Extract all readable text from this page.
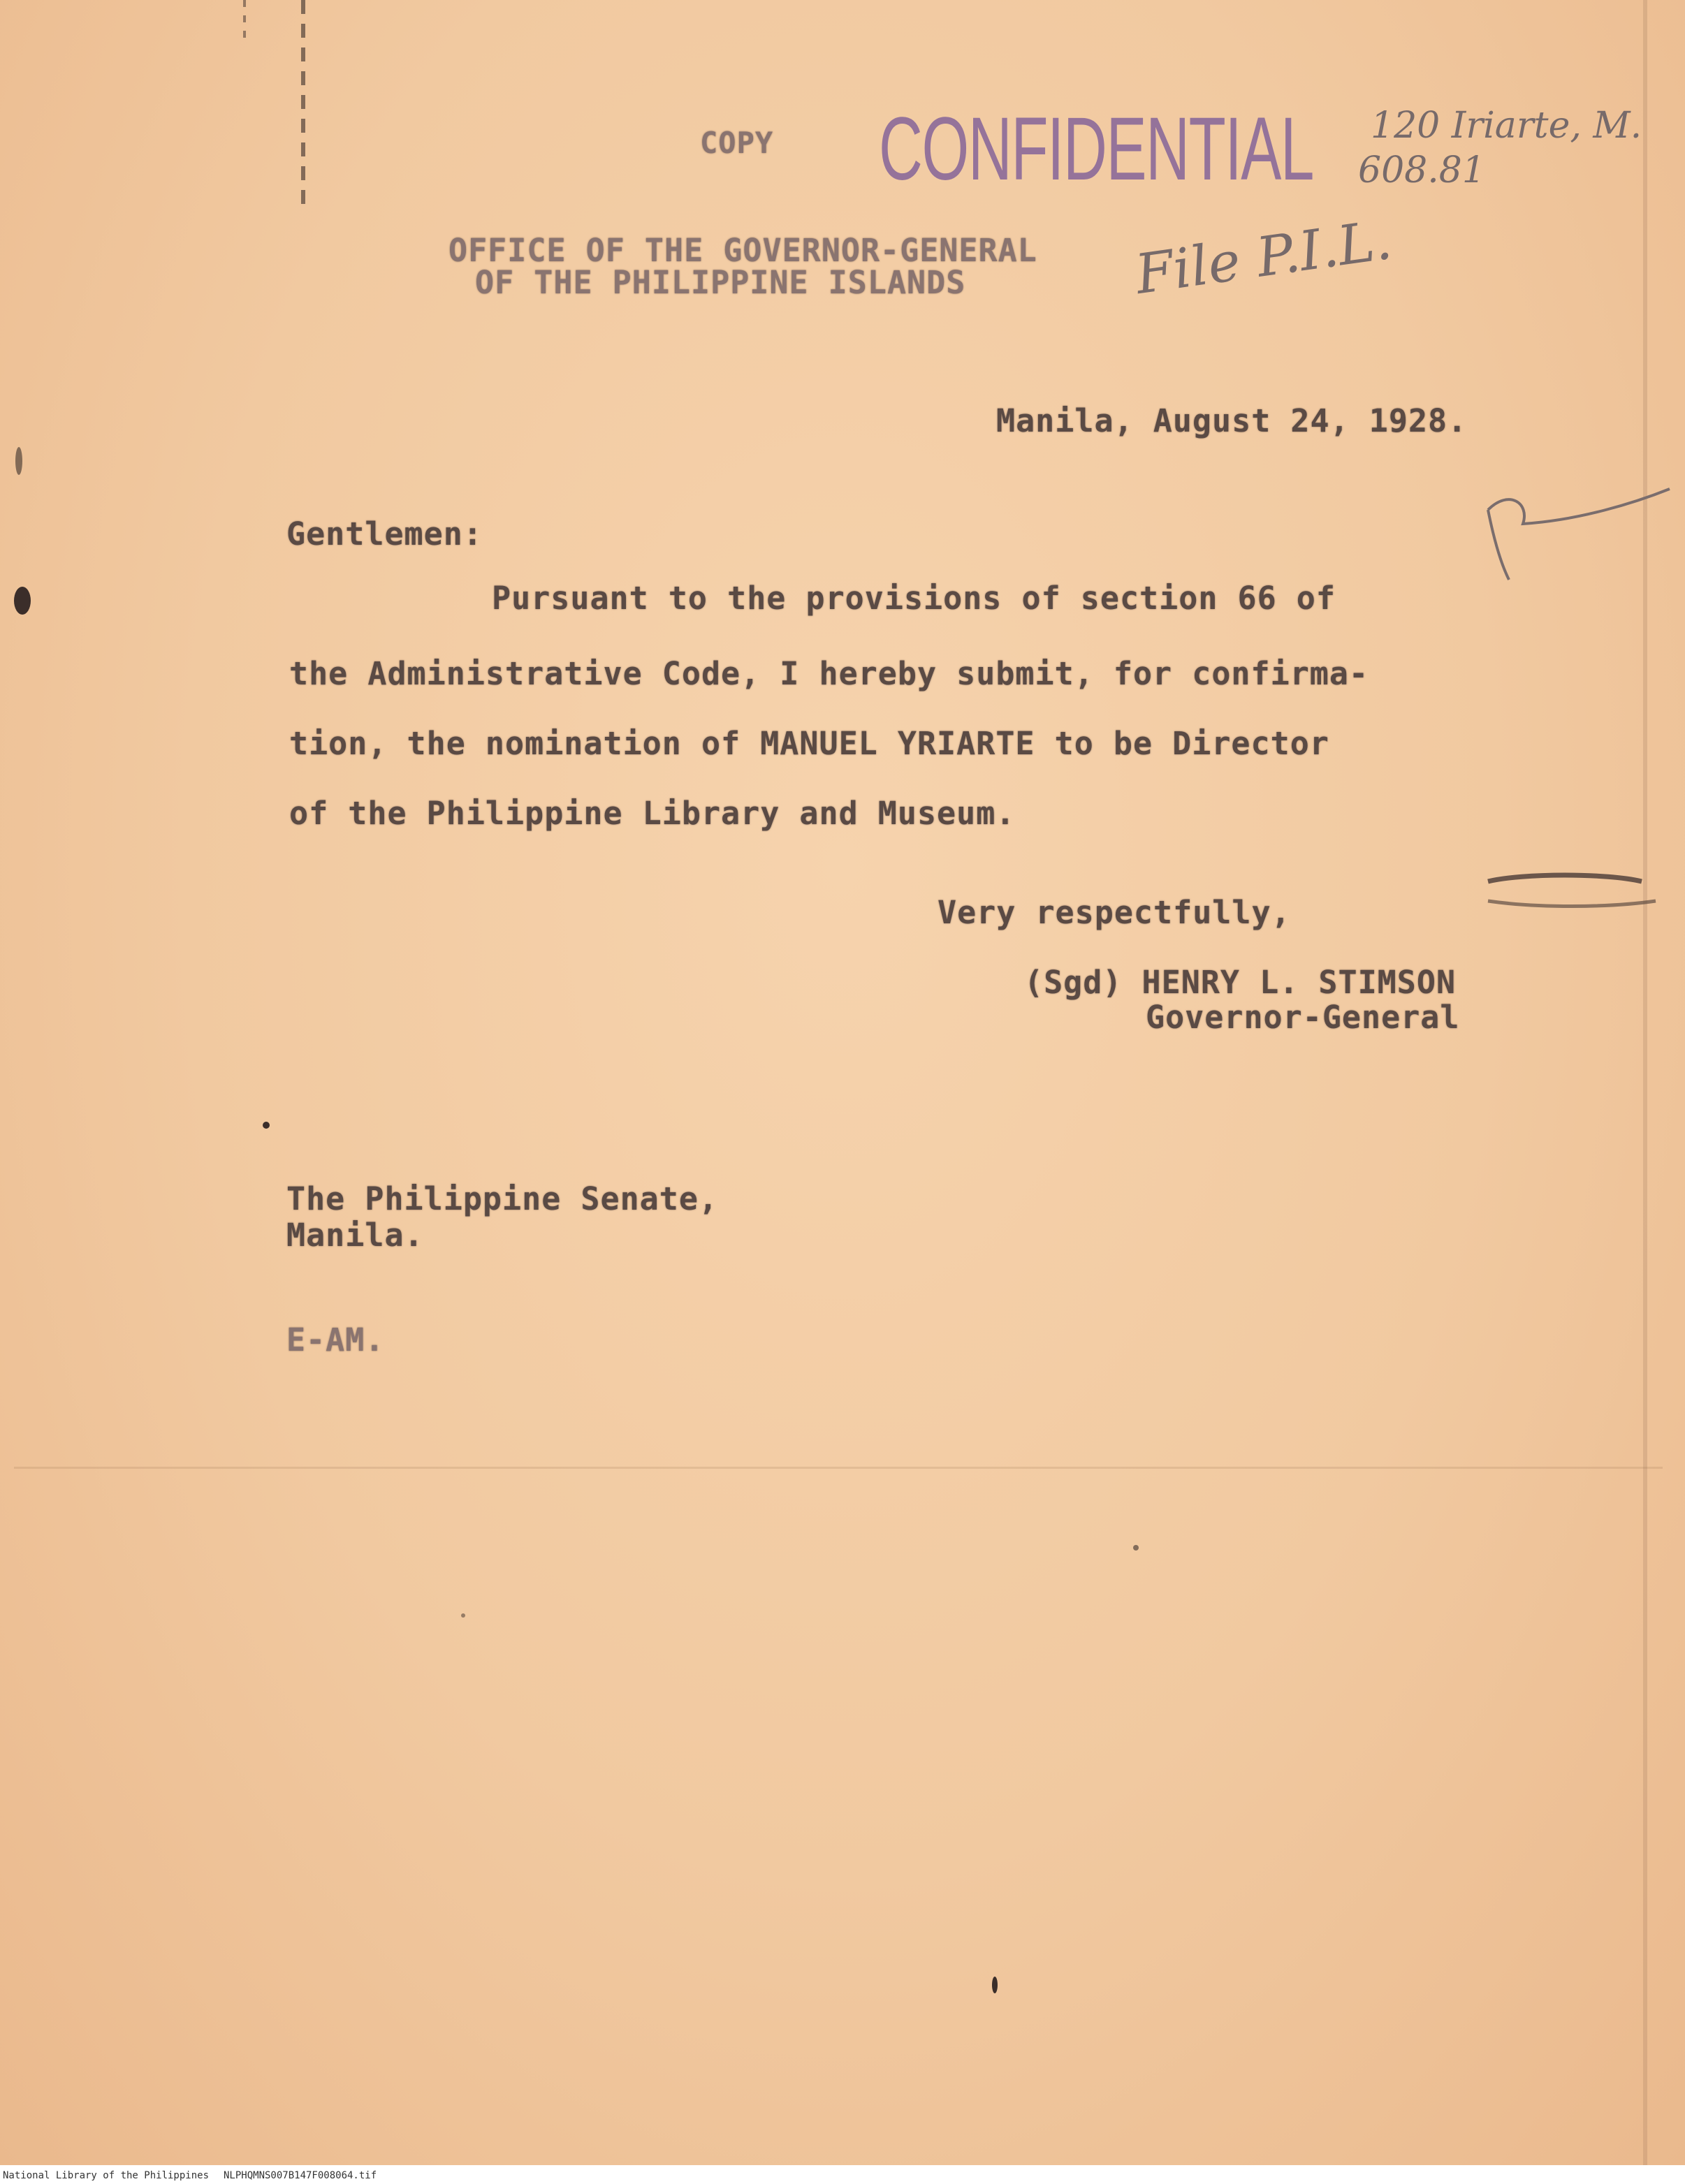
COPY CONFIDENTIAL 120 Iriarte, M.
608.81
File P.I.L.
OFFICE OF THE GOVERNOR-GENERAL
OF THE PHILIPPINE ISLANDS
Manila, August 24, 1928.
Gentlemen:
Pursuant to the provisions of section 66 of
the Administrative Code, I hereby submit, for confirma-
tion, the nomination of MANUEL YRIARTE to be Director
of the Philippine Library and Museum.
Very respectfully,
(Sgd) HENRY L. STIMSON
Governor-General
The Philippine Senate,
Manila.
E-AM.
National Library of the Philippines NLPHQMNS007B147F008064.tif
